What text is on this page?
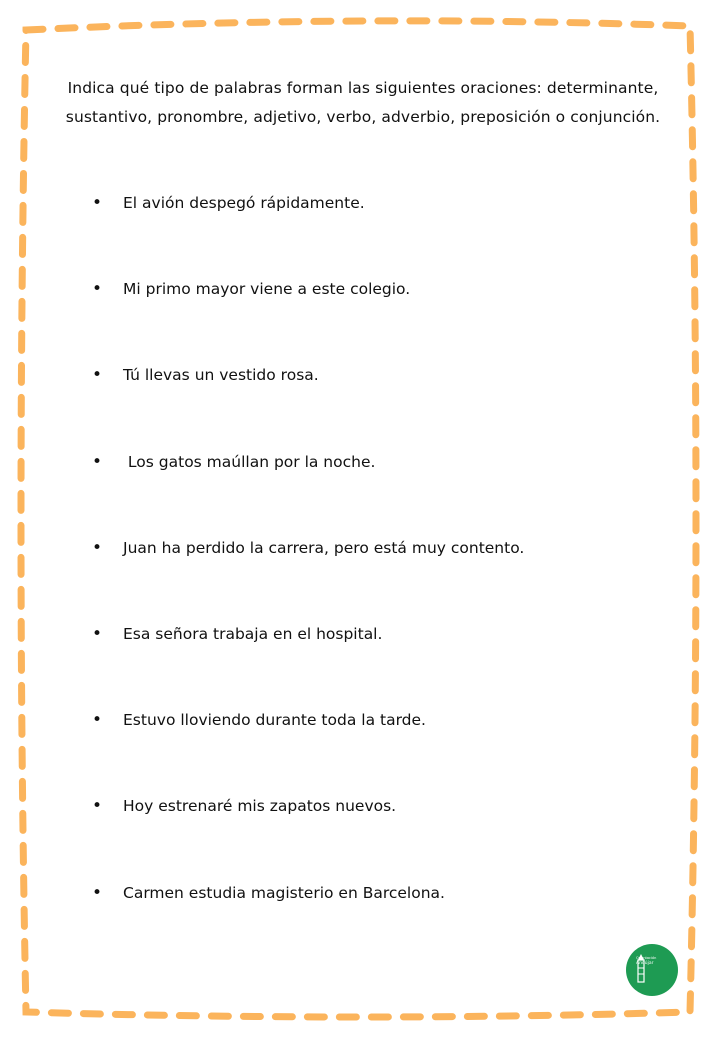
Indica qué tipo de palabras forman las siguientes oraciones: determinante, sustantivo, pronombre, adjetivo, verbo, adverbio, preposición o conjunción.

•	El avión despegó rápidamente.
•	Mi primo mayor viene a este colegio.
•	Tú llevas un vestido rosa.
•	Los gatos maúllan por la noche.
•	Juan ha perdido la carrera, pero está muy contento.
•	Esa señora trabaja en el hospital.
•	Estuvo lloviendo durante toda la tarde.
•	Hoy estrenaré mis zapatos nuevos.
•	Carmen estudia magisterio en Barcelona.
Orientación
Andújar
